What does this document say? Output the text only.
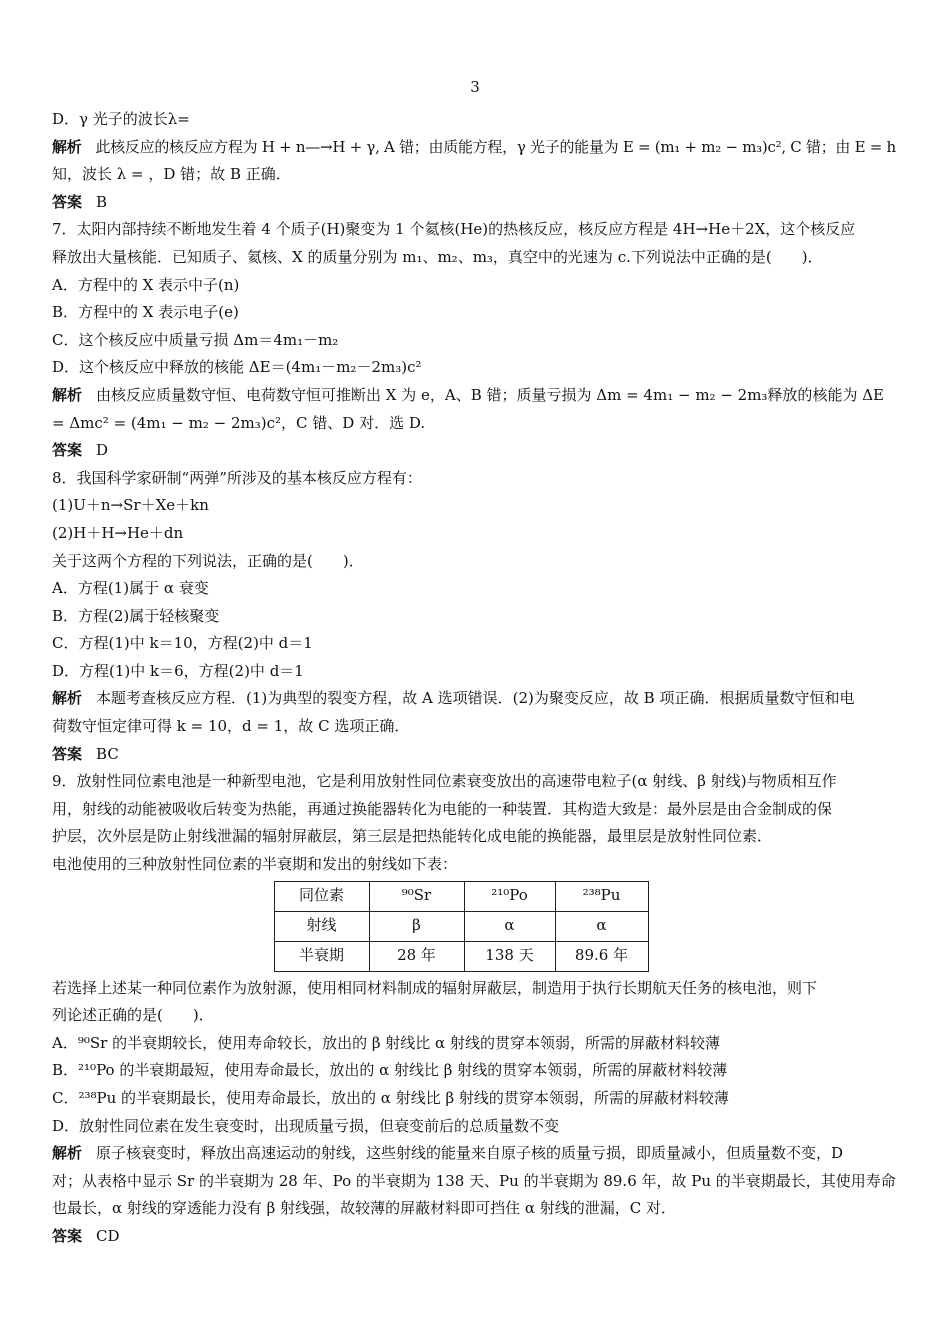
3

D．γ 光子的波长λ=

解析 此核反应的核反应方程为 H + n—→H + γ, A 错；由质能方程，γ 光子的能量为 E = (m₁ + m₂ − m₃)c², C 错；由 E = h

知，波长 λ = ，D 错；故 B 正确．

答案 B

7．太阳内部持续不断地发生着 4 个质子(H)聚变为 1 个氦核(He)的热核反应，核反应方程是 4H→He＋2X，这个核反应

释放出大量核能．已知质子、氦核、X 的质量分别为 m₁、m₂、m₃，真空中的光速为 c.下列说法中正确的是(　　)．

A．方程中的 X 表示中子(n)

B．方程中的 X 表示电子(e)

C．这个核反应中质量亏损 Δm＝4m₁－m₂

D．这个核反应中释放的核能 ΔE＝(4m₁－m₂－2m₃)c²

解析 由核反应质量数守恒、电荷数守恒可推断出 X 为 e，A、B 错；质量亏损为 Δm = 4m₁ − m₂ − 2m₃释放的核能为 ΔE

= Δmc² = (4m₁ − m₂ − 2m₃)c²，C 错、D 对．选 D.

答案 D

8．我国科学家研制“两弹”所涉及的基本核反应方程有：

(1)U＋n→Sr＋Xe＋kn

(2)H＋H→He＋dn

关于这两个方程的下列说法，正确的是(　　)．

A．方程(1)属于 α 衰变

B．方程(2)属于轻核聚变

C．方程(1)中 k＝10，方程(2)中 d＝1

D．方程(1)中 k＝6，方程(2)中 d＝1

解析 本题考查核反应方程．(1)为典型的裂变方程，故 A 选项错误．(2)为聚变反应，故 B 项正确．根据质量数守恒和电

荷数守恒定律可得 k = 10，d = 1，故 C 选项正确．

答案 BC

9．放射性同位素电池是一种新型电池，它是利用放射性同位素衰变放出的高速带电粒子(α 射线、β 射线)与物质相互作

用，射线的动能被吸收后转变为热能，再通过换能器转化为电能的一种装置．其构造大致是：最外层是由合金制成的保

护层，次外层是防止射线泄漏的辐射屏蔽层，第三层是把热能转化成电能的换能器，最里层是放射性同位素．

电池使用的三种放射性同位素的半衰期和发出的射线如下表：

同位素	⁹⁰Sr	²¹⁰Po	²³⁸Pu
射线	β	α	α
半衰期	28 年	138 天	89.6 年

若选择上述某一种同位素作为放射源，使用相同材料制成的辐射屏蔽层，制造用于执行长期航天任务的核电池，则下

列论述正确的是(　　)．

A．⁹⁰Sr 的半衰期较长，使用寿命较长，放出的 β 射线比 α 射线的贯穿本领弱，所需的屏蔽材料较薄

B．²¹⁰Po 的半衰期最短，使用寿命最长，放出的 α 射线比 β 射线的贯穿本领弱，所需的屏蔽材料较薄

C．²³⁸Pu 的半衰期最长，使用寿命最长，放出的 α 射线比 β 射线的贯穿本领弱，所需的屏蔽材料较薄

D．放射性同位素在发生衰变时，出现质量亏损，但衰变前后的总质量数不变

解析 原子核衰变时，释放出高速运动的射线，这些射线的能量来自原子核的质量亏损，即质量减小，但质量数不变，D

对；从表格中显示 Sr 的半衰期为 28 年、Po 的半衰期为 138 天、Pu 的半衰期为 89.6 年，故 Pu 的半衰期最长，其使用寿命

也最长，α 射线的穿透能力没有 β 射线强，故较薄的屏蔽材料即可挡住 α 射线的泄漏，C 对．

答案 CD
